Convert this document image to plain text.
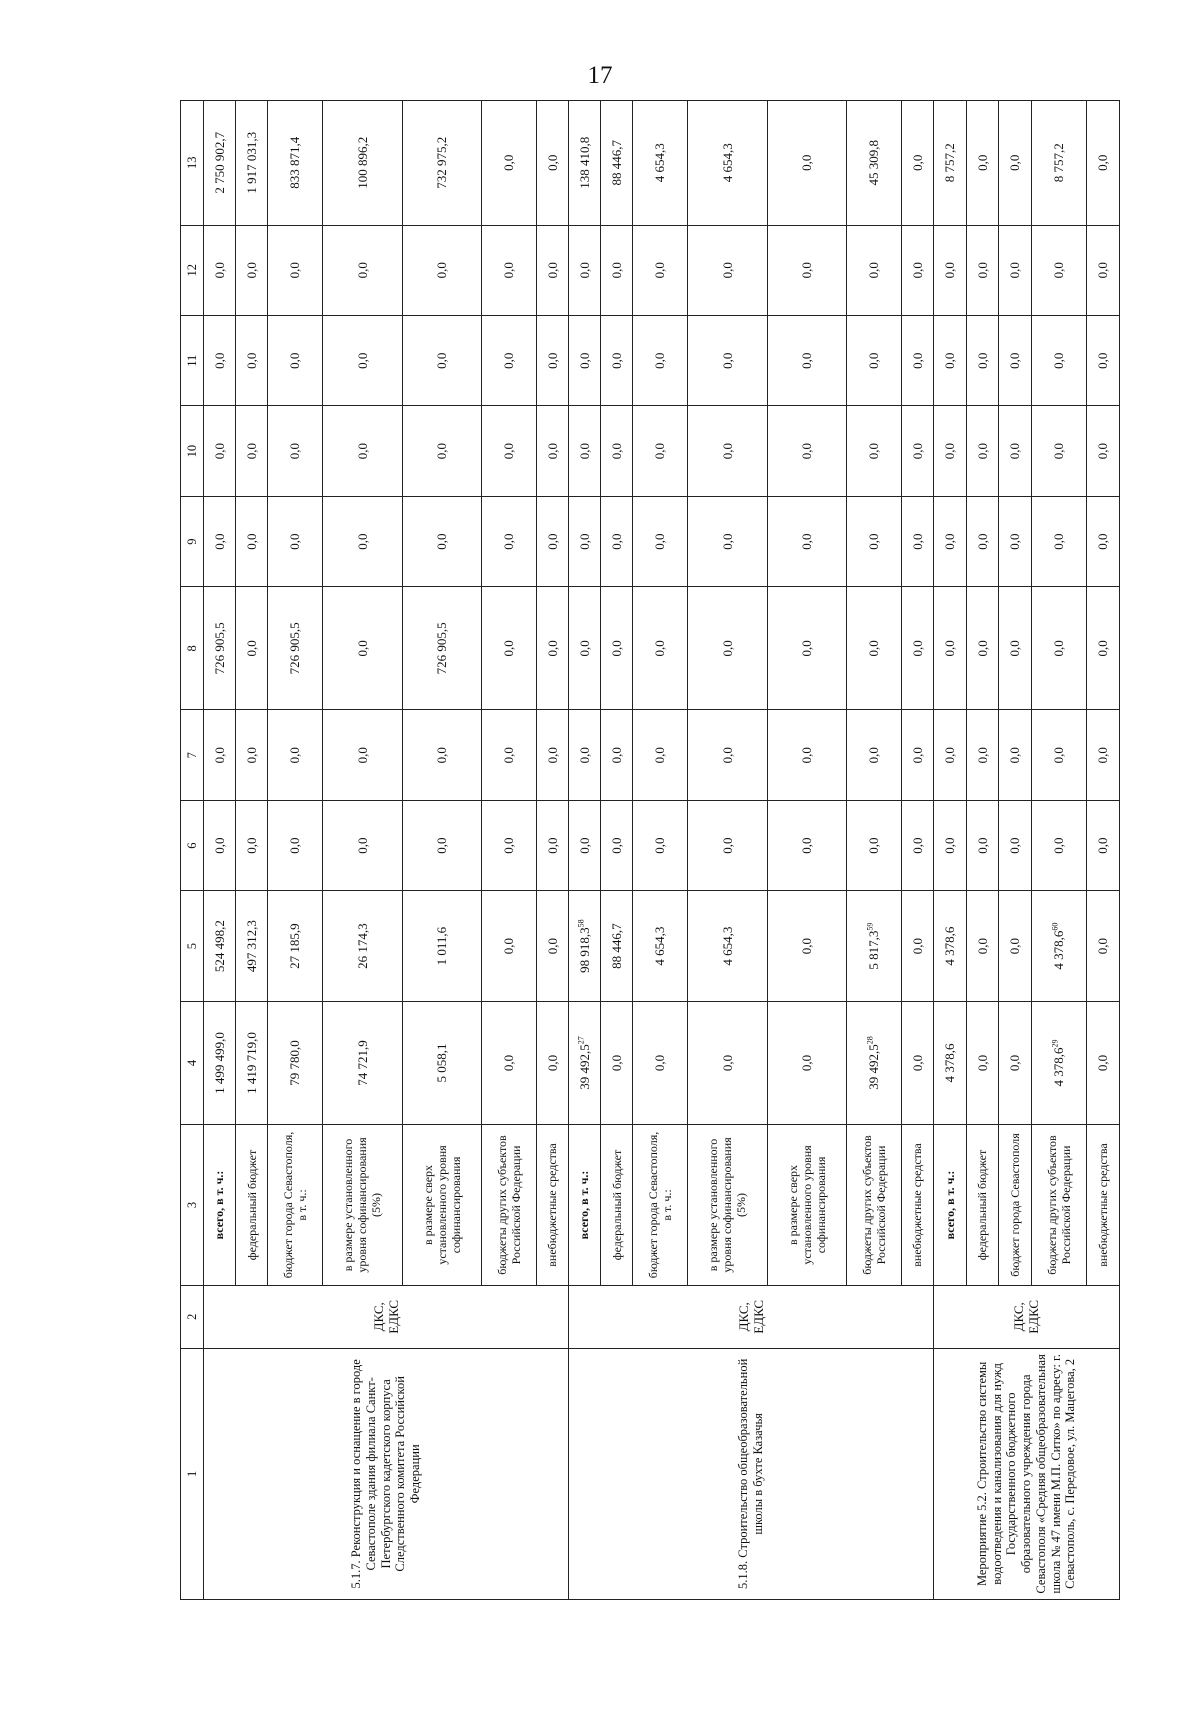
17
1	2	3	4	5	6	7	8	9	10	11	12	13
5.1.7. Реконструкция и оснащение в городе Севастополе здания филиала Санкт-Петербургского кадетского корпуса Следственного комитета Российской Федерации	ДКС, ЕДКС	всего, в т. ч.:	1 499 499,0	524 498,2	0,0	0,0	726 905,5	0,0	0,0	0,0	0,0	2 750 902,7
		федеральный бюджет	1 419 719,0	497 312,3	0,0	0,0	0,0	0,0	0,0	0,0	0,0	1 917 031,3
		бюджет города Севастополя, в т. ч.:	79 780,0	27 185,9	0,0	0,0	726 905,5	0,0	0,0	0,0	0,0	833 871,4
		в размере установленного уровня софинансирования (5%)	74 721,9	26 174,3	0,0	0,0	0,0	0,0	0,0	0,0	0,0	100 896,2
		в размере сверх установленного уровня софинансирования	5 058,1	1 011,6	0,0	0,0	726 905,5	0,0	0,0	0,0	0,0	732 975,2
		бюджеты других субъектов Российской Федерации	0,0	0,0	0,0	0,0	0,0	0,0	0,0	0,0	0,0	0,0
		внебюджетные средства	0,0	0,0	0,0	0,0	0,0	0,0	0,0	0,0	0,0	0,0
5.1.8. Строительство общеобразовательной школы в бухте Казачья	ДКС, ЕДКС	всего, в т. ч.:	39 492,5$^{27}$	98 918,3$^{58}$	0,0	0,0	0,0	0,0	0,0	0,0	0,0	138 410,8
		федеральный бюджет	0,0	88 446,7	0,0	0,0	0,0	0,0	0,0	0,0	0,0	88 446,7
		бюджет города Севастополя, в т. ч.:	0,0	4 654,3	0,0	0,0	0,0	0,0	0,0	0,0	0,0	4 654,3
		в размере установленного уровня софинансирования (5%)	0,0	4 654,3	0,0	0,0	0,0	0,0	0,0	0,0	0,0	4 654,3
		в размере сверх установленного уровня софинансирования	0,0	0,0	0,0	0,0	0,0	0,0	0,0	0,0	0,0	0,0
		бюджеты других субъектов Российской Федерации	39 492,5$^{28}$	5 817,3$^{59}$	0,0	0,0	0,0	0,0	0,0	0,0	0,0	45 309,8
		внебюджетные средства	0,0	0,0	0,0	0,0	0,0	0,0	0,0	0,0	0,0	0,0
Мероприятие 5.2. Строительство системы водоотведения и канализования для нужд Государственного бюджетного образовательного учреждения города Севастополя «Средняя общеобразовательная школа № 47 имени М.П. Ситко» по адресу: г. Севастополь, с. Передовое, ул. Мацегова, 2	ДКС, ЕДКС	всего, в т. ч.:	4 378,6	4 378,6	0,0	0,0	0,0	0,0	0,0	0,0	0,0	8 757,2
		федеральный бюджет	0,0	0,0	0,0	0,0	0,0	0,0	0,0	0,0	0,0	0,0
		бюджет города Севастополя	0,0	0,0	0,0	0,0	0,0	0,0	0,0	0,0	0,0	0,0
		бюджеты других субъектов Российской Федерации	4 378,6$^{29}$	4 378,6$^{60}$	0,0	0,0	0,0	0,0	0,0	0,0	0,0	8 757,2
		внебюджетные средства	0,0	0,0	0,0	0,0	0,0	0,0	0,0	0,0	0,0	0,0
